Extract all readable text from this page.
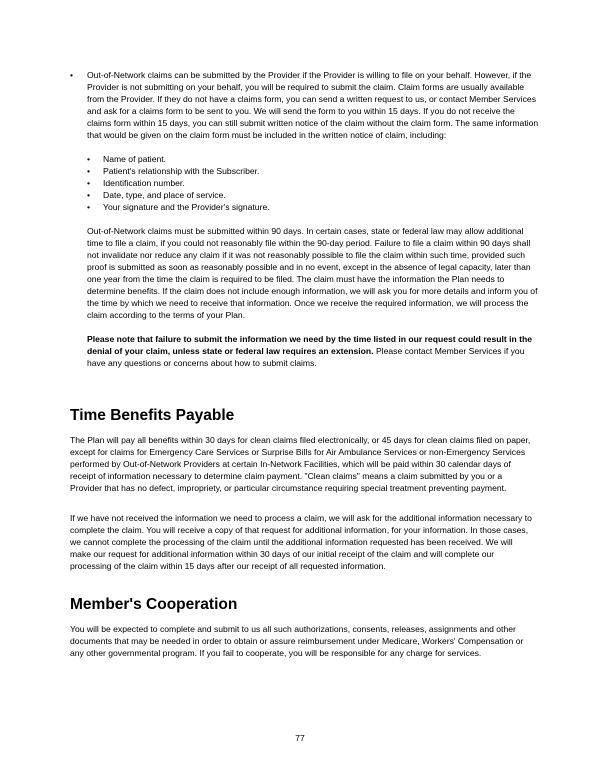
• Out-of-Network claims can be submitted by the Provider if the Provider is willing to file on your behalf. However, if the Provider is not submitting on your behalf, you will be required to submit the claim. Claim forms are usually available from the Provider. If they do not have a claims form, you can send a written request to us, or contact Member Services and ask for a claims form to be sent to you. We will send the form to you within 15 days. If you do not receive the claims form within 15 days, you can still submit written notice of the claim without the claim form. The same information that would be given on the claim form must be included in the written notice of claim, including:
• Name of patient.
• Patient's relationship with the Subscriber.
• Identification number.
• Date, type, and place of service.
• Your signature and the Provider's signature.
Out-of-Network claims must be submitted within 90 days. In certain cases, state or federal law may allow additional time to file a claim, if you could not reasonably file within the 90-day period. Failure to file a claim within 90 days shall not invalidate nor reduce any claim if it was not reasonably possible to file the claim within such time, provided such proof is submitted as soon as reasonably possible and in no event, except in the absence of legal capacity, later than one year from the time the claim is required to be filed. The claim must have the information the Plan needs to determine benefits. If the claim does not include enough information, we will ask you for more details and inform you of the time by which we need to receive that information. Once we receive the required information, we will process the claim according to the terms of your Plan.
Please note that failure to submit the information we need by the time listed in our request could result in the denial of your claim, unless state or federal law requires an extension. Please contact Member Services if you have any questions or concerns about how to submit claims.
Time Benefits Payable
The Plan will pay all benefits within 30 days for clean claims filed electronically, or 45 days for clean claims filed on paper, except for claims for Emergency Care Services or Surprise Bills for Air Ambulance Services or non-Emergency Services performed by Out-of-Network Providers at certain In-Network Facilities, which will be paid within 30 calendar days of receipt of information necessary to determine claim payment. "Clean claims" means a claim submitted by you or a Provider that has no defect, impropriety, or particular circumstance requiring special treatment preventing payment.
If we have not received the information we need to process a claim, we will ask for the additional information necessary to complete the claim. You will receive a copy of that request for additional information, for your information. In those cases, we cannot complete the processing of the claim until the additional information requested has been received. We will make our request for additional information within 30 days of our initial receipt of the claim and will complete our processing of the claim within 15 days after our receipt of all requested information.
Member's Cooperation
You will be expected to complete and submit to us all such authorizations, consents, releases, assignments and other documents that may be needed in order to obtain or assure reimbursement under Medicare, Workers' Compensation or any other governmental program. If you fail to cooperate, you will be responsible for any charge for services.
77
